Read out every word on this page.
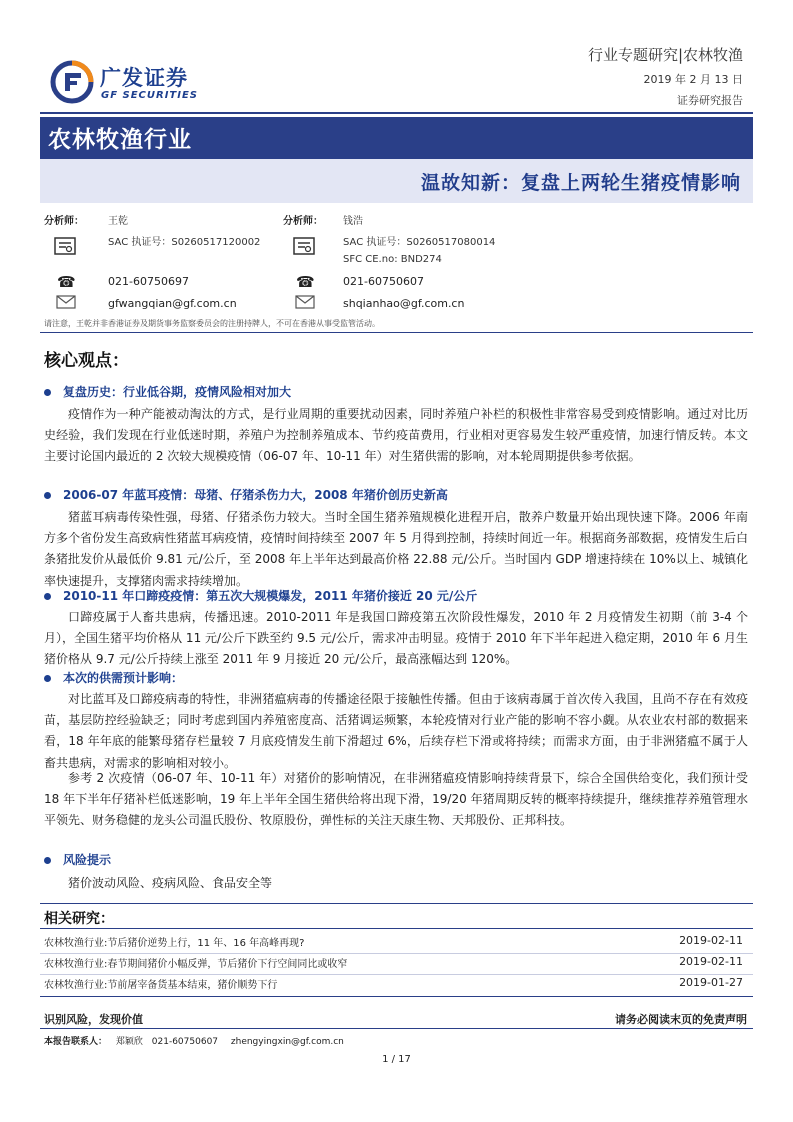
广发证券
GF SECURITIES
行业专题研究|农林牧渔
2019 年 2 月 13 日
证券研究报告
农林牧渔行业
温故知新：复盘上两轮生猪疫情影响
分析师： 王乾
SAC 执证号：S0260517120002
☎	021-60750697
gfwangqian@gf.com.cn
分析师： 钱浩
SAC 执证号：S0260517080014
SFC CE.no: BND274
☎	021-60750607
shqianhao@gf.com.cn
请注意，王乾并非香港证券及期货事务监察委员会的注册持牌人，不可在香港从事受监管活动。
核心观点：
复盘历史：行业低谷期，疫情风险相对加大
疫情作为一种产能被动淘汰的方式，是行业周期的重要扰动因素，同时养殖户补栏的积极性非常容易受到疫情影响。通过对比历史经验，我们发现在行业低迷时期，养殖户为控制养殖成本、节约疫苗费用，行业相对更容易发生较严重疫情，加速行情反转。本文主要讨论国内最近的 2 次较大规模疫情（06-07 年、10-11 年）对生猪供需的影响，对本轮周期提供参考依据。
2006-07 年蓝耳疫情：母猪、仔猪杀伤力大，2008 年猪价创历史新高
猪蓝耳病毒传染性强，母猪、仔猪杀伤力较大。当时全国生猪养殖规模化进程开启，散养户数量开始出现快速下降。2006 年南方多个省份发生高致病性猪蓝耳病疫情，疫情时间持续至 2007 年 5 月得到控制，持续时间近一年。根据商务部数据，疫情发生后白条猪批发价从最低价 9.81 元/公斤，至 2008 年上半年达到最高价格 22.88 元/公斤。当时国内 GDP 增速持续在 10%以上、城镇化率快速提升，支撑猪肉需求持续增加。
2010-11 年口蹄疫疫情：第五次大规模爆发，2011 年猪价接近 20 元/公斤
口蹄疫属于人畜共患病，传播迅速。2010-2011 年是我国口蹄疫第五次阶段性爆发，2010 年 2 月疫情发生初期（前 3-4 个月），全国生猪平均价格从 11 元/公斤下跌至约 9.5 元/公斤，需求冲击明显。疫情于 2010 年下半年起进入稳定期，2010 年 6 月生猪价格从 9.7 元/公斤持续上涨至 2011 年 9 月接近 20 元/公斤，最高涨幅达到 120%。
本次的供需预计影响：
对比蓝耳及口蹄疫病毒的特性，非洲猪瘟病毒的传播途径限于接触性传播。但由于该病毒属于首次传入我国，且尚不存在有效疫苗，基层防控经验缺乏；同时考虑到国内养殖密度高、活猪调运频繁，本轮疫情对行业产能的影响不容小觑。从农业农村部的数据来看，18 年年底的能繁母猪存栏量较 7 月底疫情发生前下滑超过 6%，后续存栏下滑或将持续；而需求方面，由于非洲猪瘟不属于人畜共患病，对需求的影响相对较小。
参考 2 次疫情（06-07 年、10-11 年）对猪价的影响情况，在非洲猪瘟疫情影响持续背景下，综合全国供给变化，我们预计受 18 年下半年仔猪补栏低迷影响，19 年上半年全国生猪供给将出现下滑，19/20 年猪周期反转的概率持续提升，继续推荐养殖管理水平领先、财务稳健的龙头公司温氏股份、牧原股份，弹性标的关注天康生物、天邦股份、正邦科技。
风险提示
猪价波动风险、疫病风险、食品安全等
相关研究：
农林牧渔行业:节后猪价逆势上行，11 年、16 年高峰再现?	2019-02-11
农林牧渔行业:春节期间猪价小幅反弹，节后猪价下行空间同比或收窄	2019-02-11
农林牧渔行业:节前屠宰备货基本结束，猪价顺势下行	2019-01-27
识别风险，发现价值	请务必阅读末页的免责声明
本报告联系人： 郑颖欣 021-60750607 zhengyingxin@gf.com.cn
1 / 17
